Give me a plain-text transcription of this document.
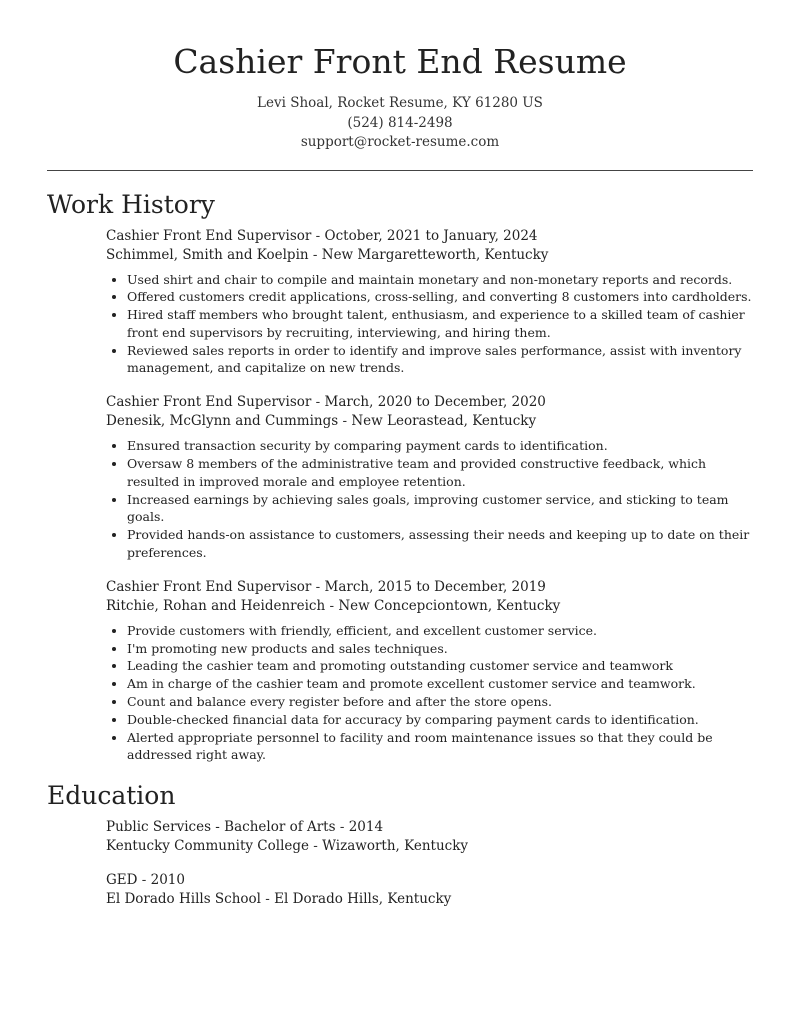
Cashier Front End Resume
Levi Shoal, Rocket Resume, KY 61280 US
(524) 814-2498
support@rocket-resume.com
Work History
Cashier Front End Supervisor - October, 2021 to January, 2024
Schimmel, Smith and Koelpin - New Margaretteworth, Kentucky
• Used shirt and chair to compile and maintain monetary and non-monetary reports and records.
• Offered customers credit applications, cross-selling, and converting 8 customers into cardholders.
• Hired staff members who brought talent, enthusiasm, and experience to a skilled team of cashier front end supervisors by recruiting, interviewing, and hiring them.
• Reviewed sales reports in order to identify and improve sales performance, assist with inventory management, and capitalize on new trends.
Cashier Front End Supervisor - March, 2020 to December, 2020
Denesik, McGlynn and Cummings - New Leorastead, Kentucky
• Ensured transaction security by comparing payment cards to identification.
• Oversaw 8 members of the administrative team and provided constructive feedback, which resulted in improved morale and employee retention.
• Increased earnings by achieving sales goals, improving customer service, and sticking to team goals.
• Provided hands-on assistance to customers, assessing their needs and keeping up to date on their preferences.
Cashier Front End Supervisor - March, 2015 to December, 2019
Ritchie, Rohan and Heidenreich - New Concepciontown, Kentucky
• Provide customers with friendly, efficient, and excellent customer service.
• I'm promoting new products and sales techniques.
• Leading the cashier team and promoting outstanding customer service and teamwork
• Am in charge of the cashier team and promote excellent customer service and teamwork.
• Count and balance every register before and after the store opens.
• Double-checked financial data for accuracy by comparing payment cards to identification.
• Alerted appropriate personnel to facility and room maintenance issues so that they could be addressed right away.
Education
Public Services - Bachelor of Arts - 2014
Kentucky Community College - Wizaworth, Kentucky
GED - 2010
El Dorado Hills School - El Dorado Hills, Kentucky
